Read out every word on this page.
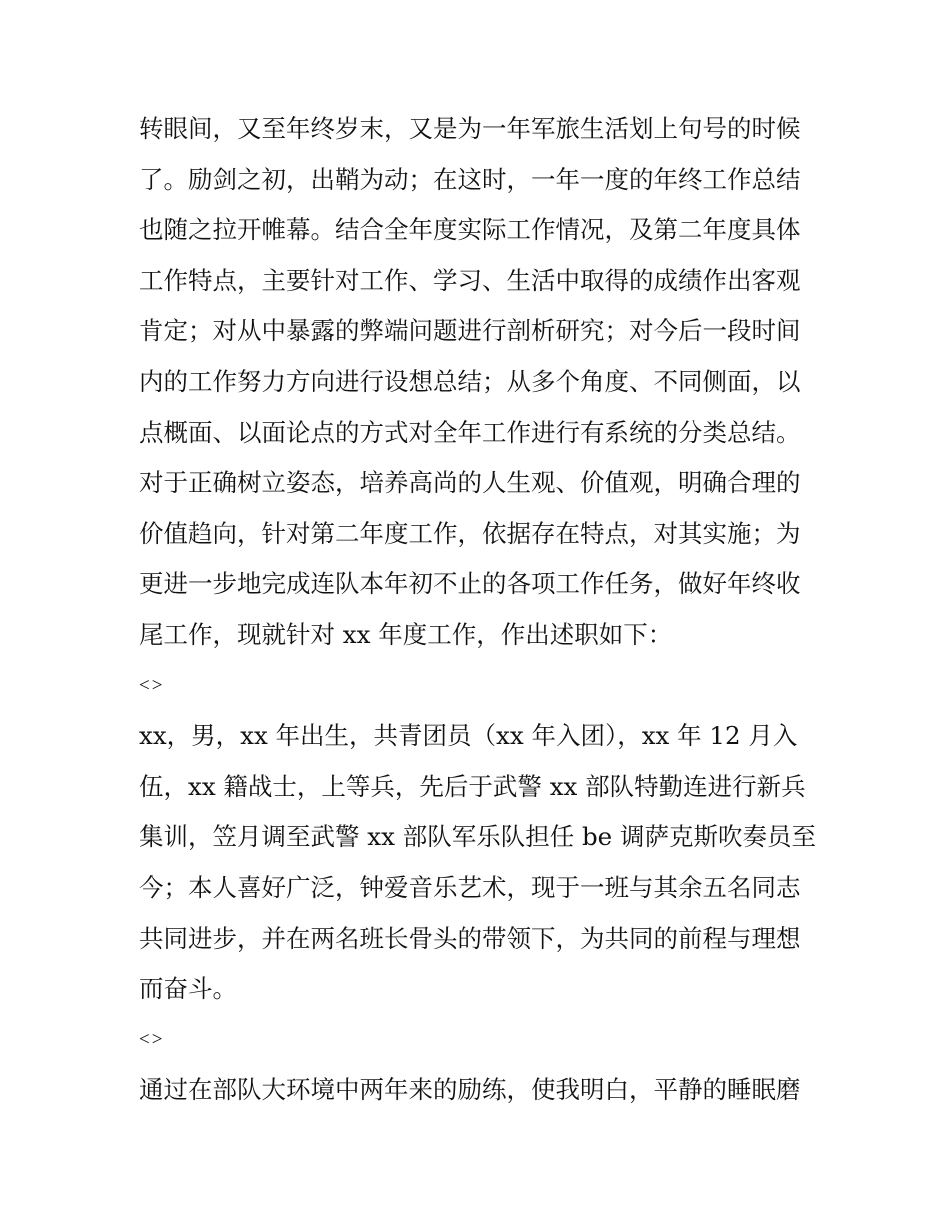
转眼间，又至年终岁末，又是为一年军旅生活划上句号的时候
了。励剑之初，出鞘为动；在这时，一年一度的年终工作总结
也随之拉开帷幕。结合全年度实际工作情况，及第二年度具体
工作特点，主要针对工作、学习、生活中取得的成绩作出客观
肯定；对从中暴露的弊端问题进行剖析研究；对今后一段时间
内的工作努力方向进行设想总结；从多个角度、不同侧面，以
点概面、以面论点的方式对全年工作进行有系统的分类总结。
对于正确树立姿态，培养高尚的人生观、价值观，明确合理的
价值趋向，针对第二年度工作，依据存在特点，对其实施；为
更进一步地完成连队本年初不止的各项工作任务，做好年终收
尾工作，现就针对 xx 年度工作，作出述职如下：
<>
xx，男，xx 年出生，共青团员（xx 年入团），xx 年 12 月入
伍，xx 籍战士，上等兵，先后于武警 xx 部队特勤连进行新兵
集训，笠月调至武警 xx 部队军乐队担任 be 调萨克斯吹奏员至
今；本人喜好广泛，钟爱音乐艺术，现于一班与其余五名同志
共同进步，并在两名班长骨头的带领下，为共同的前程与理想
而奋斗。
<>
通过在部队大环境中两年来的励练，使我明白，平静的睡眠磨
